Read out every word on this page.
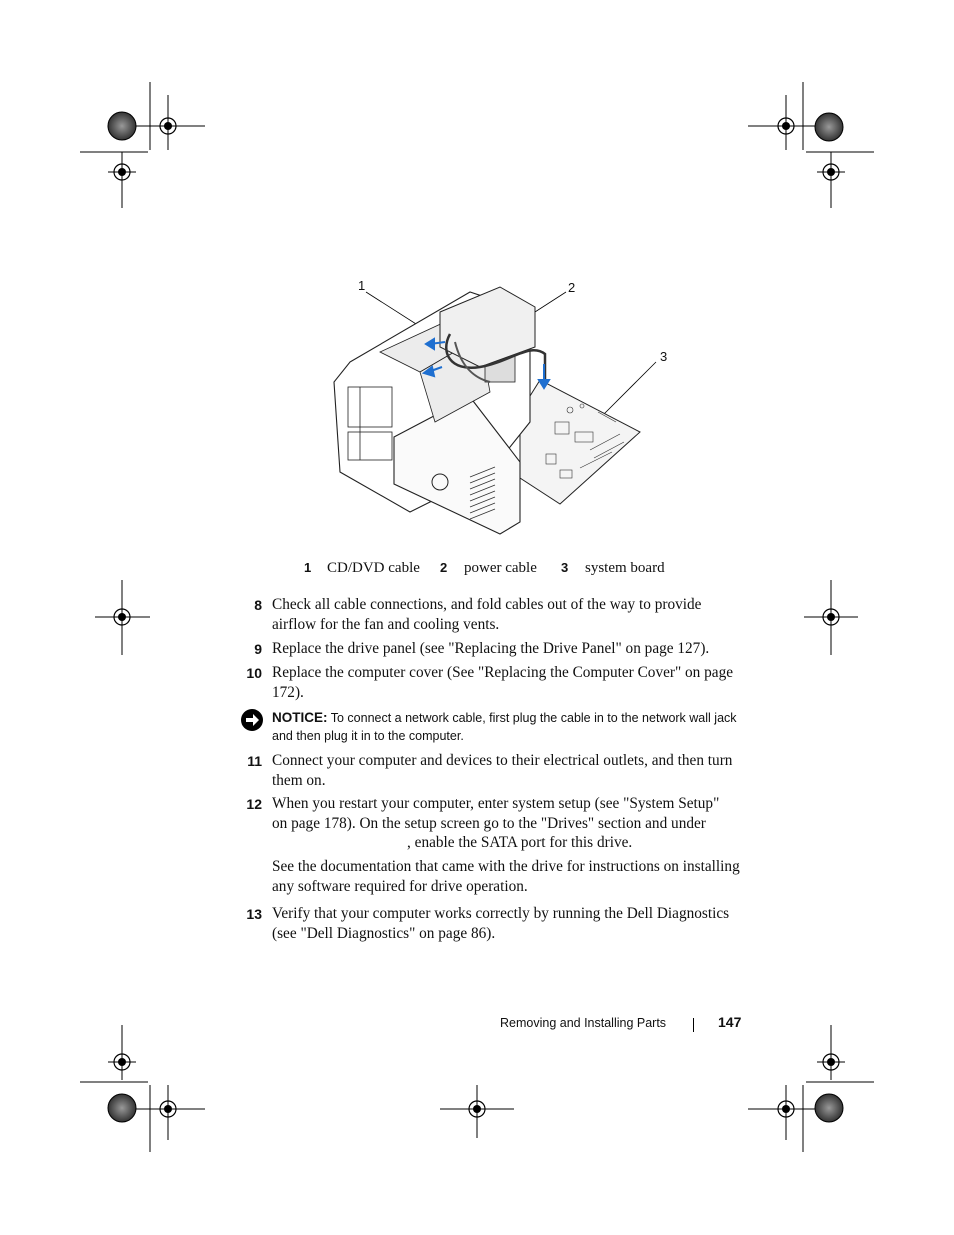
1	2
3
1 CD/DVD cable 2 power cable 3 system board
8 Check all cable connections, and fold cables out of the way to provide airflow for the fan and cooling vents.
9 Replace the drive panel (see "Replacing the Drive Panel" on page 127).
10 Replace the computer cover (See "Replacing the Computer Cover" on page 172).
NOTICE: To connect a network cable, first plug the cable in to the network wall jack and then plug it in to the computer.
11 Connect your computer and devices to their electrical outlets, and then turn them on.
12 When you restart your computer, enter system setup (see "System Setup"
on page 178). On the setup screen go to the "Drives" section and under
, enable the SATA port for this drive.
See the documentation that came with the drive for instructions on installing any software required for drive operation.
13 Verify that your computer works correctly by running the Dell Diagnostics (see "Dell Diagnostics" on page 86).
Removing and Installing Parts	147
